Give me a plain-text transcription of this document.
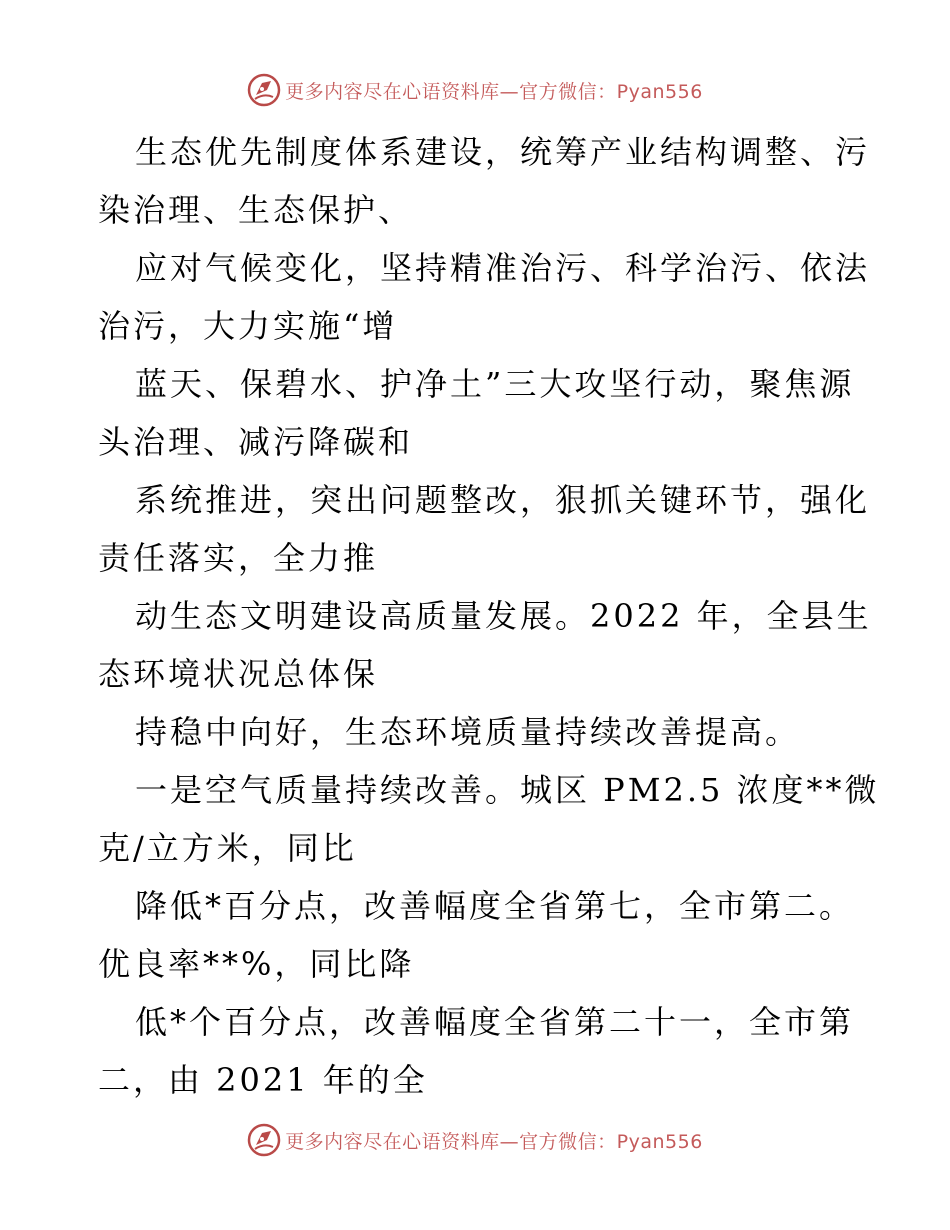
更多内容尽在心语资料库—官方微信：Pyan556
生态优先制度体系建设，统筹产业结构调整、污
染治理、生态保护、
应对气候变化，坚持精准治污、科学治污、依法
治污，大力实施“增
蓝天、保碧水、护净土”三大攻坚行动，聚焦源
头治理、减污降碳和
系统推进，突出问题整改，狠抓关键环节，强化
责任落实，全力推
动生态文明建设高质量发展。2022 年，全县生
态环境状况总体保
持稳中向好，生态环境质量持续改善提高。
一是空气质量持续改善。城区 PM2.5 浓度**微
克/立方米，同比
降低*百分点，改善幅度全省第七，全市第二。
优良率**%，同比降
低*个百分点，改善幅度全省第二十一，全市第
二，由 2021 年的全
更多内容尽在心语资料库—官方微信：Pyan556
